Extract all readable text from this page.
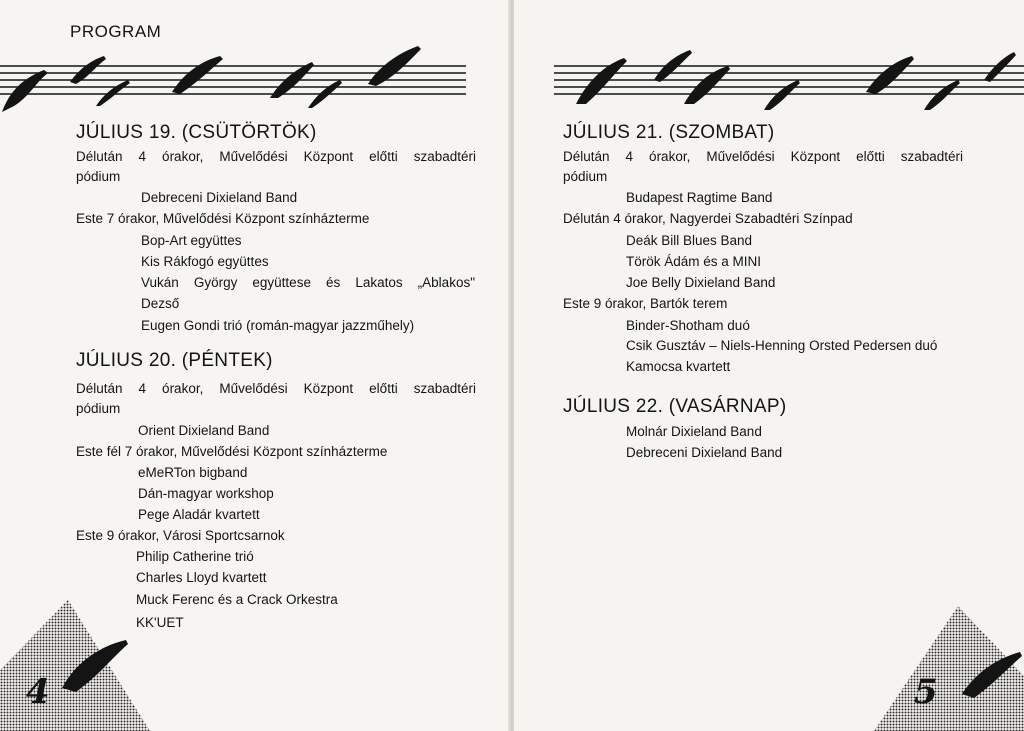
PROGRAM
JÚLIUS 19. (CSÜTÖRTÖK)
Délután 4 órakor, Művelődési Központ előtti szabadtéri
pódium
Debreceni Dixieland Band
Este 7 órakor, Művelődési Központ színházterme
Bop-Art együttes
Kis Rákfogó együttes
Vukán György együttese és Lakatos „Ablakos"
Dezső
Eugen Gondi trió (román-magyar jazzműhely)
JÚLIUS 20. (PÉNTEK)
Délután 4 órakor, Művelődési Központ előtti szabadtéri
pódium
Orient Dixieland Band
Este fél 7 órakor, Művelődési Központ színházterme
eMeRTon bigband
Dán-magyar workshop
Pege Aladár kvartett
Este 9 órakor, Városi Sportcsarnok
Philip Catherine trió
Charles Lloyd kvartett
Muck Ferenc és a Crack Orkestra
KK'UET
4
JÚLIUS 21. (SZOMBAT)
Délután 4 órakor, Művelődési Központ előtti szabadtéri
pódium
Budapest Ragtime Band
Délután 4 órakor, Nagyerdei Szabadtéri Színpad
Deák Bill Blues Band
Török Ádám és a MINI
Joe Belly Dixieland Band
Este 9 órakor, Bartók terem
Binder-Shotham duó
Csik Gusztáv – Niels-Henning Orsted Pedersen duó
Kamocsa kvartett
JÚLIUS 22. (VASÁRNAP)
Molnár Dixieland Band
Debreceni Dixieland Band
5
